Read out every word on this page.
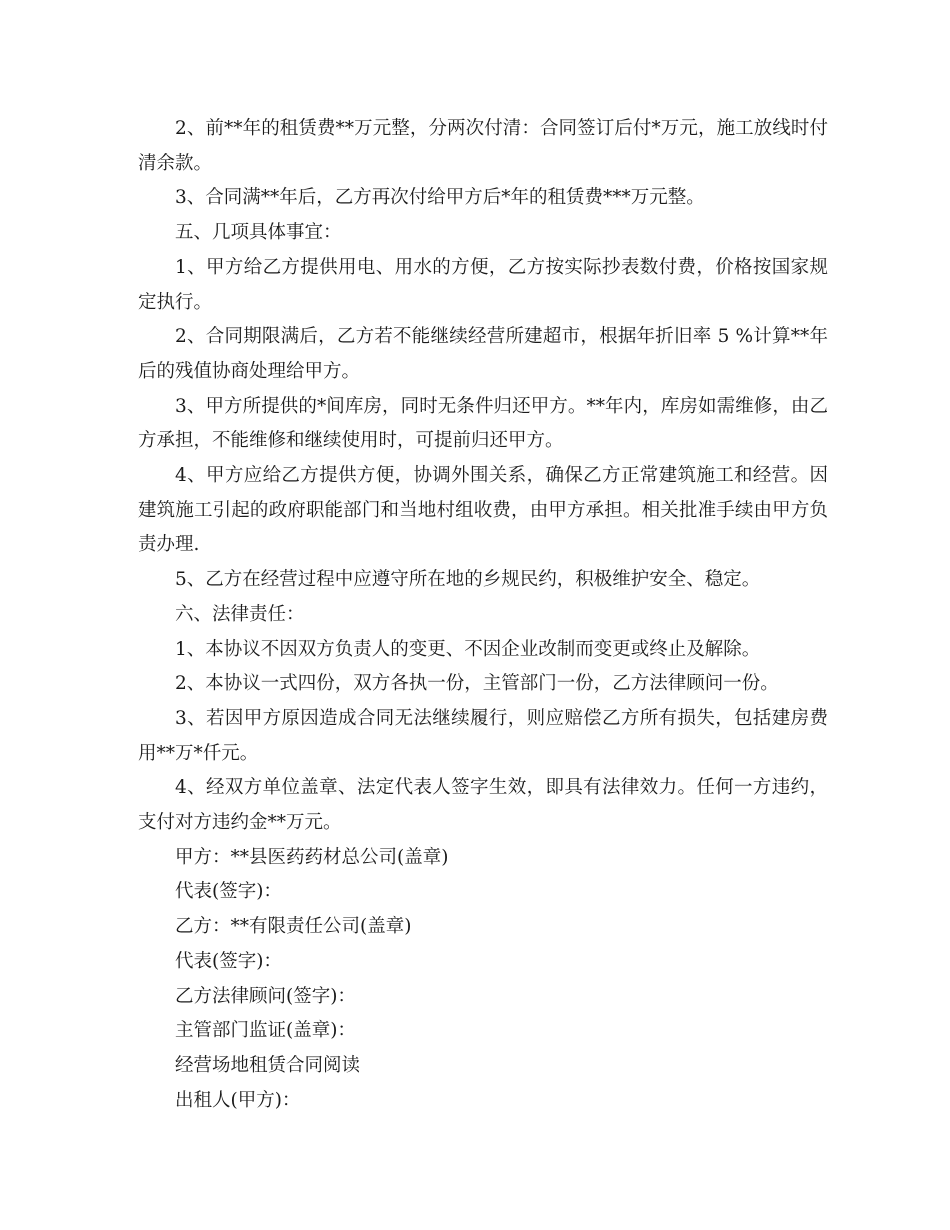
2、前**年的租赁费**万元整，分两次付清：合同签订后付*万元，施工放线时付清余款。

3、合同满**年后，乙方再次付给甲方后*年的租赁费***万元整。

五、几项具体事宜：

1、甲方给乙方提供用电、用水的方便，乙方按实际抄表数付费，价格按国家规定执行。

2、合同期限满后，乙方若不能继续经营所建超市，根据年折旧率 5 %计算**年后的残值协商处理给甲方。

3、甲方所提供的*间库房，同时无条件归还甲方。**年内，库房如需维修，由乙方承担，不能维修和继续使用时，可提前归还甲方。

4、甲方应给乙方提供方便，协调外围关系，确保乙方正常建筑施工和经营。因建筑施工引起的政府职能部门和当地村组收费，由甲方承担。相关批准手续由甲方负责办理.

5、乙方在经营过程中应遵守所在地的乡规民约，积极维护安全、稳定。

六、法律责任：

1、本协议不因双方负责人的变更、不因企业改制而变更或终止及解除。

2、本协议一式四份，双方各执一份，主管部门一份，乙方法律顾问一份。

3、若因甲方原因造成合同无法继续履行，则应赔偿乙方所有损失，包括建房费用**万*仟元。

4、经双方单位盖章、法定代表人签字生效，即具有法律效力。任何一方违约，支付对方违约金**万元。

甲方：**县医药药材总公司(盖章)

代表(签字)：

乙方：**有限责任公司(盖章)

代表(签字)：

乙方法律顾问(签字)：

主管部门监证(盖章)：

经营场地租赁合同阅读

出租人(甲方)：
